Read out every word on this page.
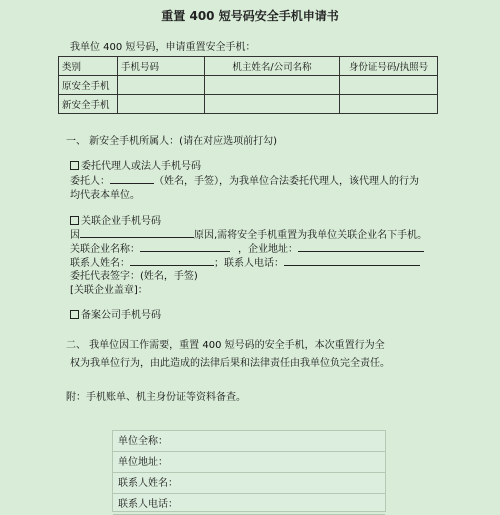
重置 400 短号码安全手机申请书
我单位 400 短号码，申请重置安全手机：
类别	手机号码	机主姓名/公司名称	身份证号码/执照号
原安全手机			
新安全手机			
一、 新安全手机所属人：(请在对应选项前打勾)
委托代理人或法人手机号码
委托人：	（姓名，手签），为我单位合法委托代理人，该代理人的行为
均代表本单位。
关联企业手机号码
因	原因,需将安全手机重置为我单位关联企业名下手机。
关联企业名称：	，企业地址：
联系人姓名：	；联系人电话：
委托代表签字：(姓名，手签)
[关联企业盖章]：
备案公司手机号码
二、 我单位因工作需要，重置 400 短号码的安全手机，本次重置行为全
权为我单位行为，由此造成的法律后果和法律责任由我单位负完全责任。
附：手机账单、机主身份证等资料备查。
单位全称：
单位地址：
联系人姓名：
联系人电话：
